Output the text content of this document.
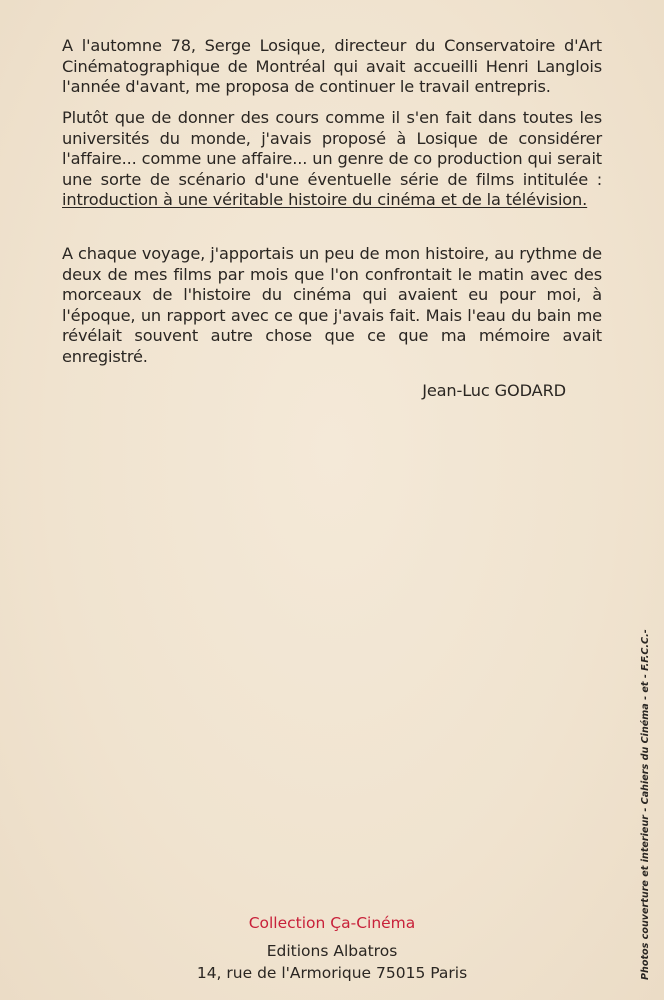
A l'automne 78, Serge Losique, directeur du Conservatoire d'Art Cinématographique de Montréal qui avait accueilli Henri Langlois l'année d'avant, me proposa de continuer le travail entrepris.

Plutôt que de donner des cours comme il s'en fait dans toutes les universités du monde, j'avais proposé à Losique de considérer l'affaire... comme une affaire... un genre de co production qui serait une sorte de scénario d'une éventuelle série de films intitulée : introduction à une véritable histoire du cinéma et de la télévision.

A chaque voyage, j'apportais un peu de mon histoire, au rythme de deux de mes films par mois que l'on confrontait le matin avec des morceaux de l'histoire du cinéma qui avaient eu pour moi, à l'époque, un rapport avec ce que j'avais fait. Mais l'eau du bain me révélait souvent autre chose que ce que ma mémoire avait enregistré.

Jean-Luc GODARD
Collection Ça-Cinéma
Editions Albatros
14, rue de l'Armorique 75015 Paris	Photos couverture et interieur - Cahiers du Cinéma - et - F.F.C.C.-
